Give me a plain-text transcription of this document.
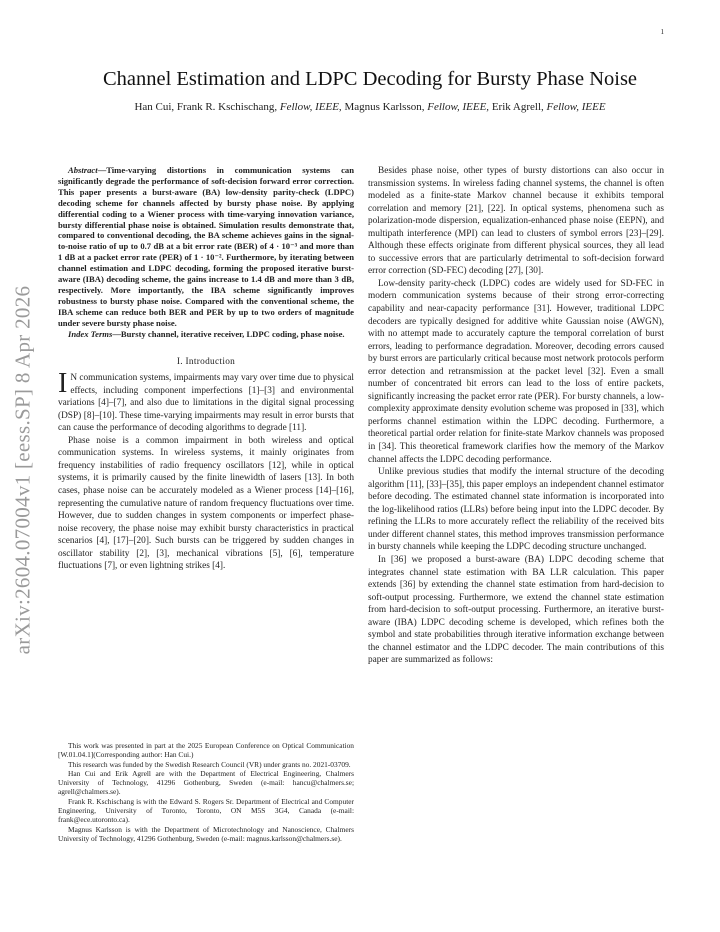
1
arXiv:2604.07004v1 [eess.SP] 8 Apr 2026
Channel Estimation and LDPC Decoding for Bursty Phase Noise
Han Cui, Frank R. Kschischang, Fellow, IEEE, Magnus Karlsson, Fellow, IEEE, Erik Agrell, Fellow, IEEE

Abstract—Time-varying distortions in communication systems can significantly degrade the performance of soft-decision forward error correction. This paper presents a burst-aware (BA) low-density parity-check (LDPC) decoding scheme for channels affected by bursty phase noise. By applying differential coding to a Wiener process with time-varying innovation variance, bursty differential phase noise is obtained. Simulation results demonstrate that, compared to conventional decoding, the BA scheme achieves gains in the signal-to-noise ratio of up to 0.7 dB at a bit error rate (BER) of 4 · 10⁻³ and more than 1 dB at a packet error rate (PER) of 1 · 10⁻². Furthermore, by iterating between channel estimation and LDPC decoding, forming the proposed iterative burst-aware (IBA) decoding scheme, the gains increase to 1.4 dB and more than 3 dB, respectively. More importantly, the IBA scheme significantly improves robustness to bursty phase noise. Compared with the conventional scheme, the IBA scheme can reduce both BER and PER by up to two orders of magnitude under severe bursty phase noise.

Index Terms—Bursty channel, iterative receiver, LDPC coding, phase noise.

I. Introduction

I N communication systems, impairments may vary over time due to physical effects, including component imperfections [1]–[3] and environmental variations [4]–[7], and also due to limitations in the digital signal processing (DSP) [8]–[10]. These time-varying impairments may result in error bursts that can cause the performance of decoding algorithms to degrade [11].

Phase noise is a common impairment in both wireless and optical communication systems. In wireless systems, it mainly originates from frequency instabilities of radio frequency oscillators [12], while in optical systems, it is primarily caused by the finite linewidth of lasers [13]. In both cases, phase noise can be accurately modeled as a Wiener process [14]–[16], representing the cumulative nature of random frequency fluctuations over time. However, due to sudden changes in system components or imperfect phase-noise recovery, the phase noise may exhibit bursty characteristics in practical scenarios [4], [17]–[20]. Such bursts can be triggered by sudden changes in oscillator stability [2], [3], mechanical vibrations [5], [6], temperature fluctuations [7], or even lightning strikes [4].

This work was presented in part at the 2025 European Conference on Optical Communication [W.01.04.1](Corresponding author: Han Cui.)

This research was funded by the Swedish Research Council (VR) under grants no. 2021-03709.

Han Cui and Erik Agrell are with the Department of Electrical Engineering, Chalmers University of Technology, 41296 Gothenburg, Sweden (e-mail: hancu@chalmers.se; agrell@chalmers.se).

Frank R. Kschischang is with the Edward S. Rogers Sr. Department of Electrical and Computer Engineering, University of Toronto, Toronto, ON M5S 3G4, Canada (e-mail: frank@ece.utoronto.ca).

Magnus Karlsson is with the Department of Microtechnology and Nanoscience, Chalmers University of Technology, 41296 Gothenburg, Sweden (e-mail: magnus.karlsson@chalmers.se).

Besides phase noise, other types of bursty distortions can also occur in transmission systems. In wireless fading channel systems, the channel is often modeled as a finite-state Markov channel because it exhibits temporal correlation and memory [21], [22]. In optical systems, phenomena such as polarization-mode dispersion, equalization-enhanced phase noise (EEPN), and multipath interference (MPI) can lead to clusters of symbol errors [23]–[29]. Although these effects originate from different physical sources, they all lead to successive errors that are particularly detrimental to soft-decision forward error correction (SD-FEC) decoding [27], [30].

Low-density parity-check (LDPC) codes are widely used for SD-FEC in modern communication systems because of their strong error-correcting capability and near-capacity performance [31]. However, traditional LDPC decoders are typically designed for additive white Gaussian noise (AWGN), with no attempt made to accurately capture the temporal correlation of burst errors, leading to performance degradation. Moreover, decoding errors caused by burst errors are particularly critical because most network protocols perform error detection and retransmission at the packet level [32]. Even a small number of concentrated bit errors can lead to the loss of entire packets, significantly increasing the packet error rate (PER). For bursty channels, a low-complexity approximate density evolution scheme was proposed in [33], which performs channel estimation within the LDPC decoding. Furthermore, a theoretical partial order relation for finite-state Markov channels was proposed in [34]. This theoretical framework clarifies how the memory of the Markov channel affects the LDPC decoding performance.

Unlike previous studies that modify the internal structure of the decoding algorithm [11], [33]–[35], this paper employs an independent channel estimator before decoding. The estimated channel state information is incorporated into the log-likelihood ratios (LLRs) before being input into the LDPC decoder. By refining the LLRs to more accurately reflect the reliability of the received bits under different channel states, this method improves transmission performance in bursty channels while keeping the LDPC decoding structure unchanged.

In [36] we proposed a burst-aware (BA) LDPC decoding scheme that integrates channel state estimation with BA LLR calculation. This paper extends [36] by extending the channel state estimation from hard-decision to soft-output processing. Furthermore, we extend the channel state estimation from hard-decision to soft-output processing. Furthermore, an iterative burst-aware (IBA) LDPC decoding scheme is developed, which refines both the symbol and state probabilities through iterative information exchange between the channel estimator and the LDPC decoder. The main contributions of this paper are summarized as follows:
